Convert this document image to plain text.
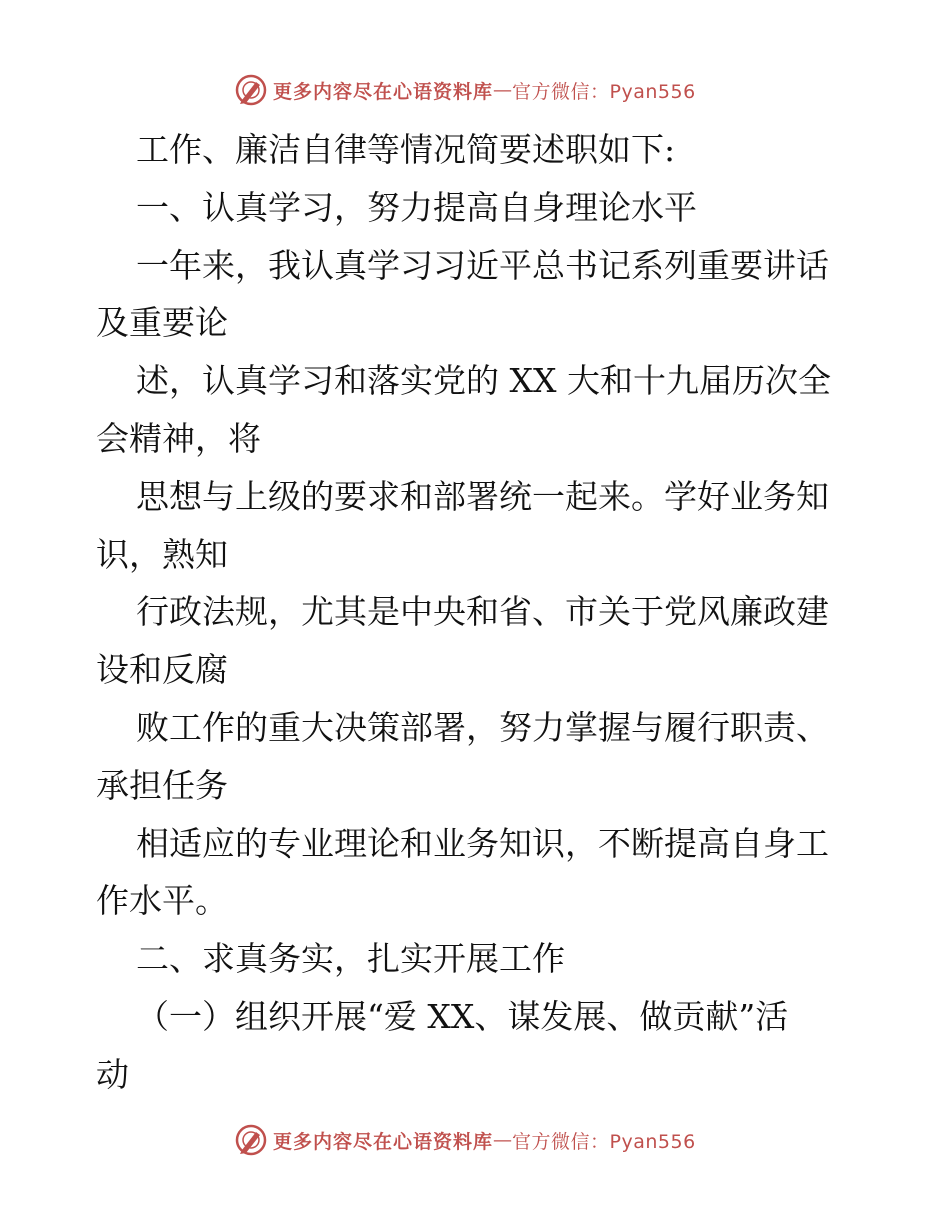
更多内容尽在心语资料库 — 官方微信：Pyan556
工作、廉洁自律等情况简要述职如下:
一、认真学习，努力提高自身理论水平
一年来，我认真学习习近平总书记系列重要讲话
及重要论
述，认真学习和落实党的 XX 大和十九届历次全
会精神，将
思想与上级的要求和部署统一起来。学好业务知
识，熟知
行政法规，尤其是中央和省、市关于党风廉政建
设和反腐
败工作的重大决策部署，努力掌握与履行职责、
承担任务
相适应的专业理论和业务知识，不断提高自身工
作水平。
二、求真务实，扎实开展工作
（一）组织开展“爱 XX、谋发展、做贡献”活
动
更多内容尽在心语资料库 — 官方微信：Pyan556
